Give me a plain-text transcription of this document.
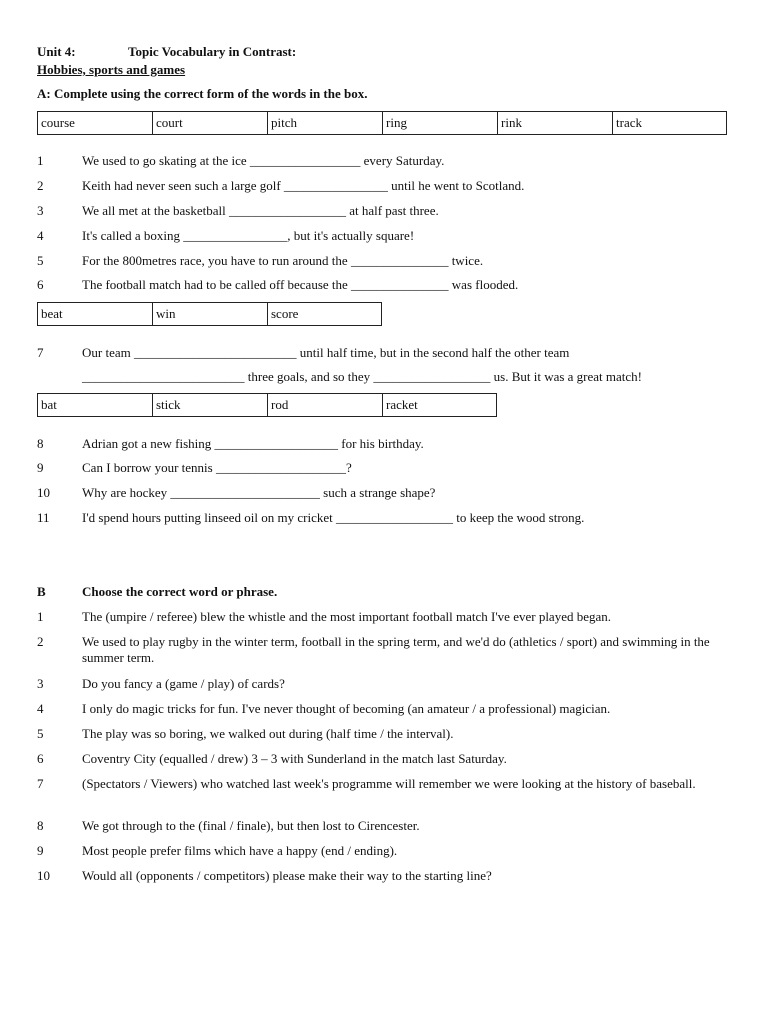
Unit 4:	Topic Vocabulary in Contrast:
Hobbies, sports and games
A: Complete using the correct form of the words in the box.
course	court	pitch	ring	rink	track
1	We used to go skating at the ice _________________ every Saturday.
2	Keith had never seen such a large golf ________________ until he went to Scotland.
3	We all met at the basketball __________________ at half past three.
4	It's called a boxing ________________, but it's actually square!
5	For the 800metres race, you have to run around the _______________ twice.
6	The football match had to be called off because the _______________ was flooded.
beat	win	score
7	Our team _________________________ until half time, but in the second half the other team
_________________________ three goals, and so they __________________ us. But it was a great match!
bat	stick	rod	racket
8	Adrian got a new fishing ___________________ for his birthday.
9	Can I borrow your tennis ____________________?
10 Why are hockey _______________________ such a strange shape?
11 I'd spend hours putting linseed oil on my cricket __________________ to keep the wood strong.
B	Choose the correct word or phrase.
1	The (umpire / referee) blew the whistle and the most important football match I've ever played began.
2	We used to play rugby in the winter term, football in the spring term, and we'd do (athletics / sport) and swimming in the summer term.
3	Do you fancy a (game / play) of cards?
4	I only do magic tricks for fun. I've never thought of becoming (an amateur / a professional) magician.
5	The play was so boring, we walked out during (half time / the interval).
6	Coventry City (equalled / drew) 3 – 3 with Sunderland in the match last Saturday.
7	(Spectators / Viewers) who watched last week's programme will remember we were looking at the history of baseball.
8	We got through to the (final / finale), but then lost to Cirencester.
9	Most people prefer films which have a happy (end / ending).
10 Would all (opponents / competitors) please make their way to the starting line?
